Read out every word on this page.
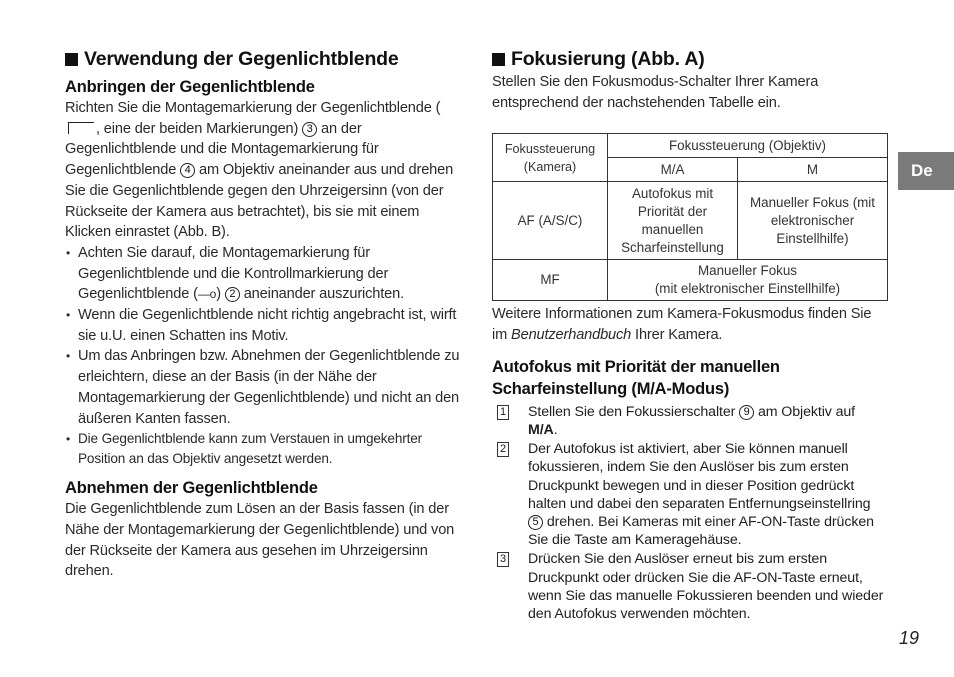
Verwendung der Gegenlichtblende
Anbringen der Gegenlichtblende

Richten Sie die Montagemarkierung der Gegenlichtblende (, eine der beiden Markierungen) 3 an der Gegenlichtblende und die Montagemarkierung für Gegenlichtblende 4 am Objektiv aneinander aus und drehen Sie die Gegenlichtblende gegen den Uhrzeigersinn (von der Rückseite der Kamera aus betrachtet), bis sie mit einem Klicken einrastet (Abb. B).

• Achten Sie darauf, die Montagemarkierung für Gegenlichtblende und die Kontrollmarkierung der Gegenlichtblende (—o) 2 aneinander auszurichten.
• Wenn die Gegenlichtblende nicht richtig angebracht ist, wirft sie u.U. einen Schatten ins Motiv.
• Um das Anbringen bzw. Abnehmen der Gegenlichtblende zu erleichtern, diese an der Basis (in der Nähe der Montagemarkierung der Gegenlichtblende) und nicht an den äußeren Kanten fassen.
• Die Gegenlichtblende kann zum Verstauen in umgekehrter Position an das Objektiv angesetzt werden.
Abnehmen der Gegenlichtblende

Die Gegenlichtblende zum Lösen an der Basis fassen (in der Nähe der Montagemarkierung der Gegenlichtblende) und von der Rückseite der Kamera aus gesehen im Uhrzeigersinn drehen.

Fokusierung (Abb. A)

Stellen Sie den Fokusmodus-Schalter Ihrer Kamera entsprechend der nachstehenden Tabelle ein.

Fokussteuerung
(Kamera)	Fokussteuerung (Objektiv)	
	M/A	M
AF (A/S/C)	Autofokus mit Priorität der manuellen Scharfeinstellung	Manueller Fokus (mit elektronischer Einstellhilfe)
MF	Manueller Fokus
(mit elektronischer Einstellhilfe)	

Weitere Informationen zum Kamera-Fokusmodus finden Sie im Benutzerhandbuch Ihrer Kamera.

Autofokus mit Priorität der manuellen Scharfeinstellung (M/A-Modus)
1 Stellen Sie den Fokussierschalter 9 am Objektiv auf M/A.
2 Der Autofokus ist aktiviert, aber Sie können manuell fokussieren, indem Sie den Auslöser bis zum ersten Druckpunkt bewegen und in dieser Position gedrückt halten und dabei den separaten Entfernungseinstellring 5 drehen. Bei Kameras mit einer AF-ON-Taste drücken Sie die Taste am Kameragehäuse.
3 Drücken Sie den Auslöser erneut bis zum ersten Druckpunkt oder drücken Sie die AF-ON-Taste erneut, wenn Sie das manuelle Fokussieren beenden und wieder den Autofokus verwenden möchten.
De
19
